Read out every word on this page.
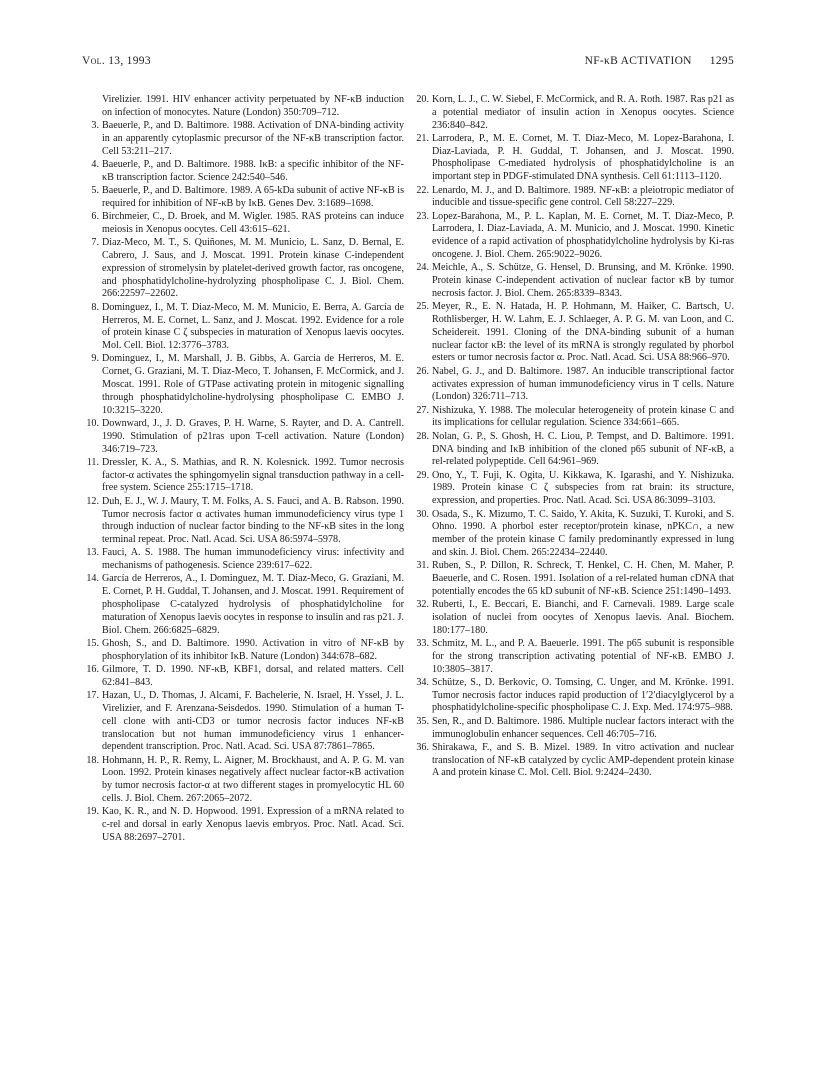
Vol. 13, 1993	NF-κB ACTIVATION 1295

Virelizier. 1991. HIV enhancer activity perpetuated by NF-κB induction on infection of monocytes. Nature (London) 350:709–712.

3. Baeuerle, P., and D. Baltimore. 1988. Activation of DNA-binding activity in an apparently cytoplasmic precursor of the NF-κB transcription factor. Cell 53:211–217.

4. Baeuerle, P., and D. Baltimore. 1988. IκB: a specific inhibitor of the NF-κB transcription factor. Science 242:540–546.

5. Baeuerle, P., and D. Baltimore. 1989. A 65-kDa subunit of active NF-κB is required for inhibition of NF-κB by IκB. Genes Dev. 3:1689–1698.

6. Birchmeier, C., D. Broek, and M. Wigler. 1985. RAS proteins can induce meiosis in Xenopus oocytes. Cell 43:615–621.

7. Diaz-Meco, M. T., S. Quiñones, M. M. Municio, L. Sanz, D. Bernal, E. Cabrero, J. Saus, and J. Moscat. 1991. Protein kinase C-independent expression of stromelysin by platelet-derived growth factor, ras oncogene, and phosphatidylcholine-hydrolyzing phospholipase C. J. Biol. Chem. 266:22597–22602.

8. Dominguez, I., M. T. Diaz-Meco, M. M. Municio, E. Berra, A. García de Herreros, M. E. Cornet, L. Sanz, and J. Moscat. 1992. Evidence for a role of protein kinase C ζ subspecies in maturation of Xenopus laevis oocytes. Mol. Cell. Biol. 12:3776–3783.

9. Dominguez, I., M. Marshall, J. B. Gibbs, A. Garcia de Herreros, M. E. Cornet, G. Graziani, M. T. Diaz-Meco, T. Johansen, F. McCormick, and J. Moscat. 1991. Role of GTPase activating protein in mitogenic signalling through phosphatidylcholine-hydrolysing phospholipase C. EMBO J. 10:3215–3220.

10. Downward, J., J. D. Graves, P. H. Warne, S. Rayter, and D. A. Cantrell. 1990. Stimulation of p21ras upon T-cell activation. Nature (London) 346:719–723.

11. Dressler, K. A., S. Mathias, and R. N. Kolesnick. 1992. Tumor necrosis factor-α activates the sphingomyelin signal transduction pathway in a cell-free system. Science 255:1715–1718.

12. Duh, E. J., W. J. Maury, T. M. Folks, A. S. Fauci, and A. B. Rabson. 1990. Tumor necrosis factor α activates human immunodeficiency virus type 1 through induction of nuclear factor binding to the NF-κB sites in the long terminal repeat. Proc. Natl. Acad. Sci. USA 86:5974–5978.

13. Fauci, A. S. 1988. The human immunodeficiency virus: infectivity and mechanisms of pathogenesis. Science 239:617–622.

14. García de Herreros, A., I. Dominguez, M. T. Diaz-Meco, G. Graziani, M. E. Cornet, P. H. Guddal, T. Johansen, and J. Moscat. 1991. Requirement of phospholipase C-catalyzed hydrolysis of phosphatidylcholine for maturation of Xenopus laevis oocytes in response to insulin and ras p21. J. Biol. Chem. 266:6825–6829.

15. Ghosh, S., and D. Baltimore. 1990. Activation in vitro of NF-κB by phosphorylation of its inhibitor IκB. Nature (London) 344:678–682.

16. Gilmore, T. D. 1990. NF-κB, KBF1, dorsal, and related matters. Cell 62:841–843.

17. Hazan, U., D. Thomas, J. Alcami, F. Bachelerie, N. Israel, H. Yssel, J. L. Virelizier, and F. Arenzana-Seisdedos. 1990. Stimulation of a human T-cell clone with anti-CD3 or tumor necrosis factor induces NF-κB translocation but not human immunodeficiency virus 1 enhancer-dependent transcription. Proc. Natl. Acad. Sci. USA 87:7861–7865.

18. Hohmann, H. P., R. Remy, L. Aigner, M. Brockhaust, and A. P. G. M. van Loon. 1992. Protein kinases negatively affect nuclear factor-κB activation by tumor necrosis factor-α at two different stages in promyelocytic HL 60 cells. J. Biol. Chem. 267:2065–2072.

19. Kao, K. R., and N. D. Hopwood. 1991. Expression of a mRNA related to c-rel and dorsal in early Xenopus laevis embryos. Proc. Natl. Acad. Sci. USA 88:2697–2701.

20. Korn, L. J., C. W. Siebel, F. McCormick, and R. A. Roth. 1987. Ras p21 as a potential mediator of insulin action in Xenopus oocytes. Science 236:840–842.

21. Larrodera, P., M. E. Cornet, M. T. Diaz-Meco, M. Lopez-Barahona, I. Diaz-Laviada, P. H. Guddal, T. Johansen, and J. Moscat. 1990. Phospholipase C-mediated hydrolysis of phosphatidylcholine is an important step in PDGF-stimulated DNA synthesis. Cell 61:1113–1120.

22. Lenardo, M. J., and D. Baltimore. 1989. NF-κB: a pleiotropic mediator of inducible and tissue-specific gene control. Cell 58:227–229.

23. Lopez-Barahona, M., P. L. Kaplan, M. E. Cornet, M. T. Diaz-Meco, P. Larrodera, I. Diaz-Laviada, A. M. Municio, and J. Moscat. 1990. Kinetic evidence of a rapid activation of phosphatidylcholine hydrolysis by Ki-ras oncogene. J. Biol. Chem. 265:9022–9026.

24. Meichle, A., S. Schütze, G. Hensel, D. Brunsing, and M. Krönke. 1990. Protein kinase C-independent activation of nuclear factor κB by tumor necrosis factor. J. Biol. Chem. 265:8339–8343.

25. Meyer, R., E. N. Hatada, H. P. Hohmann, M. Haiker, C. Bartsch, U. Rothlisberger, H. W. Lahm, E. J. Schlaeger, A. P. G. M. van Loon, and C. Scheidereit. 1991. Cloning of the DNA-binding subunit of a human nuclear factor κB: the level of its mRNA is strongly regulated by phorbol esters or tumor necrosis factor α. Proc. Natl. Acad. Sci. USA 88:966–970.

26. Nabel, G. J., and D. Baltimore. 1987. An inducible transcriptional factor activates expression of human immunodeficiency virus in T cells. Nature (London) 326:711–713.

27. Nishizuka, Y. 1988. The molecular heterogeneity of protein kinase C and its implications for cellular regulation. Science 334:661–665.

28. Nolan, G. P., S. Ghosh, H. C. Liou, P. Tempst, and D. Baltimore. 1991. DNA binding and IκB inhibition of the cloned p65 subunit of NF-κB, a rel-related polypeptide. Cell 64:961–969.

29. Ono, Y., T. Fuji, K. Ogita, U. Kikkawa, K. Igarashi, and Y. Nishizuka. 1989. Protein kinase C ζ subspecies from rat brain: its structure, expression, and properties. Proc. Natl. Acad. Sci. USA 86:3099–3103.

30. Osada, S., K. Mizumo, T. C. Saido, Y. Akita, K. Suzuki, T. Kuroki, and S. Ohno. 1990. A phorbol ester receptor/protein kinase, nPKC∩, a new member of the protein kinase C family predominantly expressed in lung and skin. J. Biol. Chem. 265:22434–22440.

31. Ruben, S., P. Dillon, R. Schreck, T. Henkel, C. H. Chen, M. Maher, P. Baeuerle, and C. Rosen. 1991. Isolation of a rel-related human cDNA that potentially encodes the 65 kD subunit of NF-κB. Science 251:1490–1493.

32. Ruberti, I., E. Beccari, E. Bianchi, and F. Carnevali. 1989. Large scale isolation of nuclei from oocytes of Xenopus laevis. Anal. Biochem. 180:177–180.

33. Schmitz, M. L., and P. A. Baeuerle. 1991. The p65 subunit is responsible for the strong transcription activating potential of NF-κB. EMBO J. 10:3805–3817.

34. Schütze, S., D. Berkovic, O. Tomsing, C. Unger, and M. Krönke. 1991. Tumor necrosis factor induces rapid production of 1′2′diacylglycerol by a phosphatidylcholine-specific phospholipase C. J. Exp. Med. 174:975–988.

35. Sen, R., and D. Baltimore. 1986. Multiple nuclear factors interact with the immunoglobulin enhancer sequences. Cell 46:705–716.

36. Shirakawa, F., and S. B. Mizel. 1989. In vitro activation and nuclear translocation of NF-κB catalyzed by cyclic AMP-dependent protein kinase A and protein kinase C. Mol. Cell. Biol. 9:2424–2430.
